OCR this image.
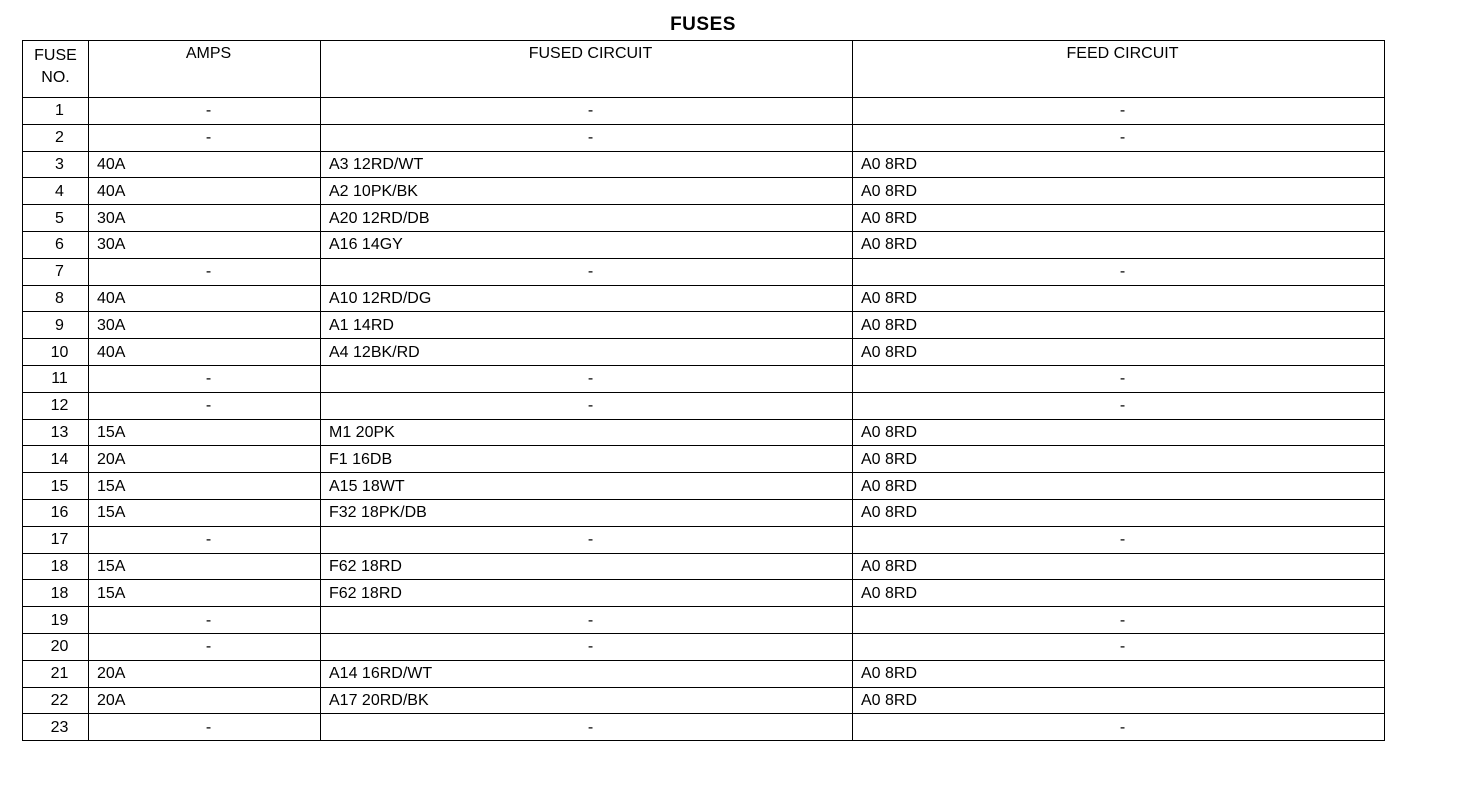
FUSES
FUSE
NO.	AMPS	FUSED CIRCUIT	FEED CIRCUIT
1	-	-	-
2	-	-	-
3	40A	A3 12RD/WT	A0 8RD
4	40A	A2 10PK/BK	A0 8RD
5	30A	A20 12RD/DB	A0 8RD
6	30A	A16 14GY	A0 8RD
7	-	-	-
8	40A	A10 12RD/DG	A0 8RD
9	30A	A1 14RD	A0 8RD
10	40A	A4 12BK/RD	A0 8RD
11	-	-	-
12	-	-	-
13	15A	M1 20PK	A0 8RD
14	20A	F1 16DB	A0 8RD
15	15A	A15 18WT	A0 8RD
16	15A	F32 18PK/DB	A0 8RD
17	-	-	-
18	15A	F62 18RD	A0 8RD
18	15A	F62 18RD	A0 8RD
19	-	-	-
20	-	-	-
21	20A	A14 16RD/WT	A0 8RD
22	20A	A17 20RD/BK	A0 8RD
23	-	-	-
